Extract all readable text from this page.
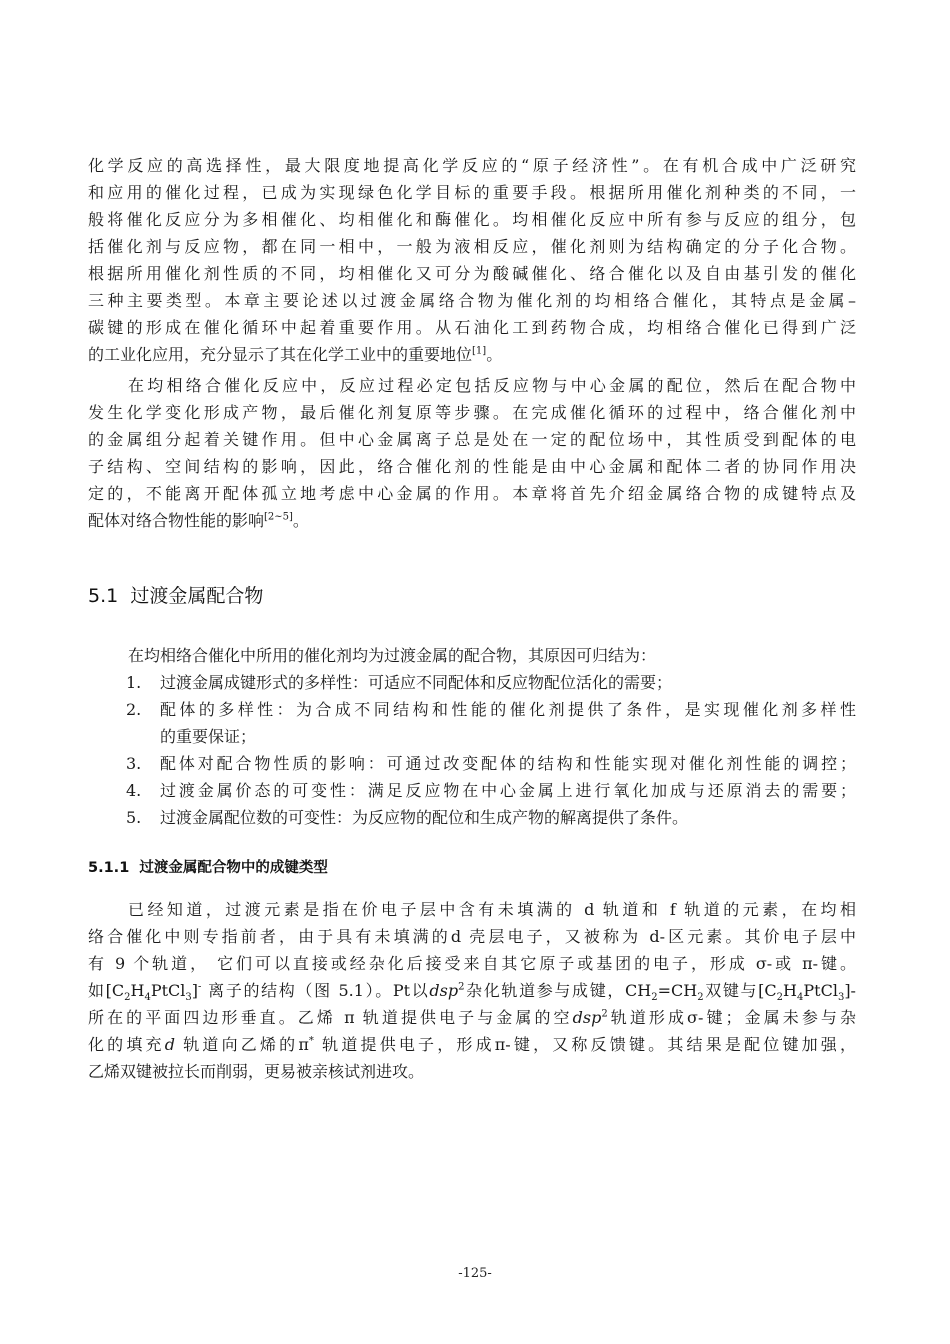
化学反应的高选择性，最大限度地提高化学反应的“原子经济性”。在有机合成中广泛研究
和应用的催化过程，已成为实现绿色化学目标的重要手段。根据所用催化剂种类的不同，一
般将催化反应分为多相催化、均相催化和酶催化。均相催化反应中所有参与反应的组分，包
括催化剂与反应物，都在同一相中，一般为液相反应，催化剂则为结构确定的分子化合物。
根据所用催化剂性质的不同，均相催化又可分为酸碱催化、络合催化以及自由基引发的催化
三种主要类型。本章主要论述以过渡金属络合物为催化剂的均相络合催化，其特点是金属–
碳键的形成在催化循环中起着重要作用。从石油化工到药物合成，均相络合催化已得到广泛
的工业化应用，充分显示了其在化学工业中的重要地位[1]。
在均相络合催化反应中，反应过程必定包括反应物与中心金属的配位，然后在配合物中
发生化学变化形成产物，最后催化剂复原等步骤。在完成催化循环的过程中，络合催化剂中
的金属组分起着关键作用。但中心金属离子总是处在一定的配位场中，其性质受到配体的电
子结构、空间结构的影响，因此，络合催化剂的性能是由中心金属和配体二者的协同作用决
定的，不能离开配体孤立地考虑中心金属的作用。本章将首先介绍金属络合物的成键特点及
配体对络合物性能的影响[2~5]。
5.1 过渡金属配合物
在均相络合催化中所用的催化剂均为过渡金属的配合物，其原因可归结为：
1. 过渡金属成键形式的多样性：可适应不同配体和反应物配位活化的需要；
2. 配体的多样性：为合成不同结构和性能的催化剂提供了条件，是实现催化剂多样性
的重要保证；
3. 配体对配合物性质的影响：可通过改变配体的结构和性能实现对催化剂性能的调控；
4. 过渡金属价态的可变性：满足反应物在中心金属上进行氧化加成与还原消去的需要；
5. 过渡金属配位数的可变性：为反应物的配位和生成产物的解离提供了条件。
5.1.1 过渡金属配合物中的成键类型
已经知道，过渡元素是指在价电子层中含有未填满的 d 轨道和 f 轨道的元素，在均相
络合催化中则专指前者，由于具有未填满的d 壳层电子，又被称为 d-区元素。其价电子层中
有 9 个轨道， 它们可以直接或经杂化后接受来自其它原子或基团的电子，形成 σ-或 π-键。
如$[C_2H_4PtCl_3]^-$ 离子的结构（图 5.1）。Pt以dsp$^2$杂化轨道参与成键，$CH_2=CH_2$双键与$[C_2H_4PtCl_3]-$
所在的平面四边形垂直。乙烯 π 轨道提供电子与金属的空dsp$^2$轨道形成σ-键；金属未参与杂
化的填充d 轨道向乙烯的π* 轨道提供电子，形成π-键，又称反馈键。其结果是配位键加强，
乙烯双键被拉长而削弱，更易被亲核试剂进攻。
-125-
